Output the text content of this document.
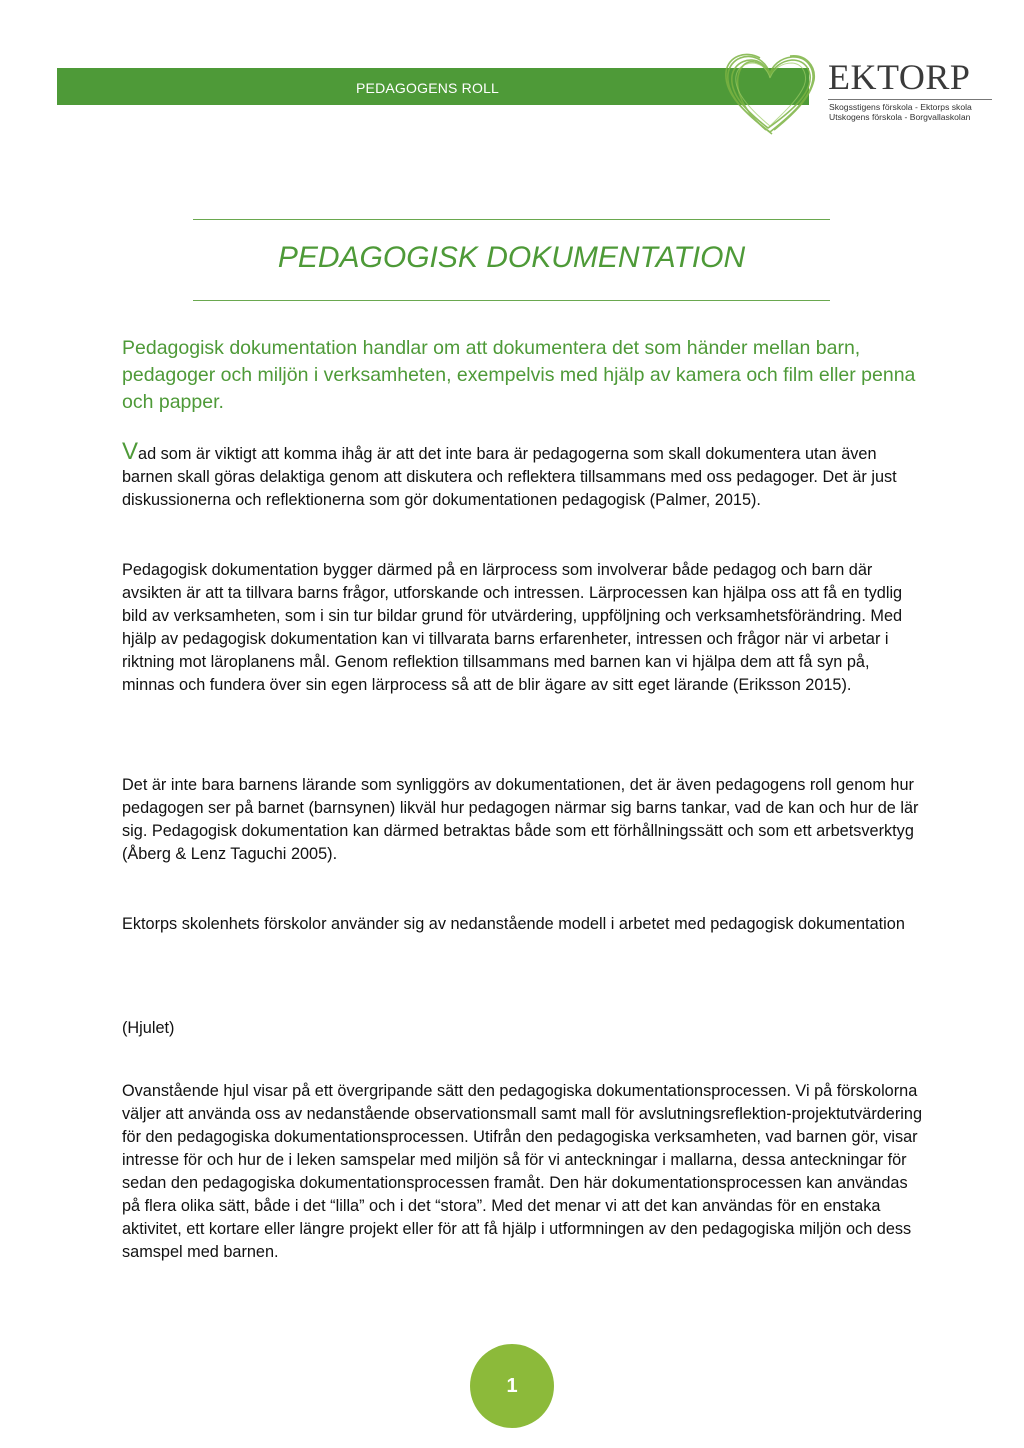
PEDAGOGENS ROLL	EKTORP
Skogsstigens förskola - Ektorps skola
Utskogens förskola - Borgvallaskolan
PEDAGOGISK DOKUMENTATION
Pedagogisk dokumentation handlar om att dokumentera det som händer mellan barn, pedagoger och miljön i verksamheten, exempelvis med hjälp av kamera och film eller penna och papper.
Vad som är viktigt att komma ihåg är att det inte bara är pedagogerna som skall dokumentera utan även barnen skall göras delaktiga genom att diskutera och reflektera tillsammans med oss pedagoger. Det är just diskussionerna och reflektionerna som gör dokumentationen pedagogisk (Palmer, 2015).
Pedagogisk dokumentation bygger därmed på en lärprocess som involverar både pedagog och barn där avsikten är att ta tillvara barns frågor, utforskande och intressen. Lärprocessen kan hjälpa oss att få en tydlig bild av verksamheten, som i sin tur bildar grund för utvärdering, uppföljning och verksamhetsförändring. Med hjälp av pedagogisk dokumentation kan vi tillvarata barns erfarenheter, intressen och frågor när vi arbetar i riktning mot läroplanens mål. Genom reflektion tillsammans med barnen kan vi hjälpa dem att få syn på, minnas och fundera över sin egen lärprocess så att de blir ägare av sitt eget lärande (Eriksson 2015).
Det är inte bara barnens lärande som synliggörs av dokumentationen, det är även pedagogens roll genom hur pedagogen ser på barnet (barnsynen) likväl hur pedagogen närmar sig barns tankar, vad de kan och hur de lär sig. Pedagogisk dokumentation kan därmed betraktas både som ett förhållningssätt och som ett arbetsverktyg (Åberg & Lenz Taguchi 2005).
Ektorps skolenhets förskolor använder sig av nedanstående modell i arbetet med pedagogisk dokumentation
(Hjulet)
Ovanstående hjul visar på ett övergripande sätt den pedagogiska dokumentationsprocessen. Vi på förskolorna väljer att använda oss av nedanstående observationsmall samt mall för avslutningsreflektion-projektutvärdering för den pedagogiska dokumentationsprocessen. Utifrån den pedagogiska verksamheten, vad barnen gör, visar intresse för och hur de i leken samspelar med miljön så för vi anteckningar i mallarna, dessa anteckningar för sedan den pedagogiska dokumentationsprocessen framåt. Den här dokumentationsprocessen kan användas på flera olika sätt, både i det “lilla” och i det “stora”. Med det menar vi att det kan användas för en enstaka aktivitet, ett kortare eller längre projekt eller för att få hjälp i utformningen av den pedagogiska miljön och dess samspel med barnen.
1
